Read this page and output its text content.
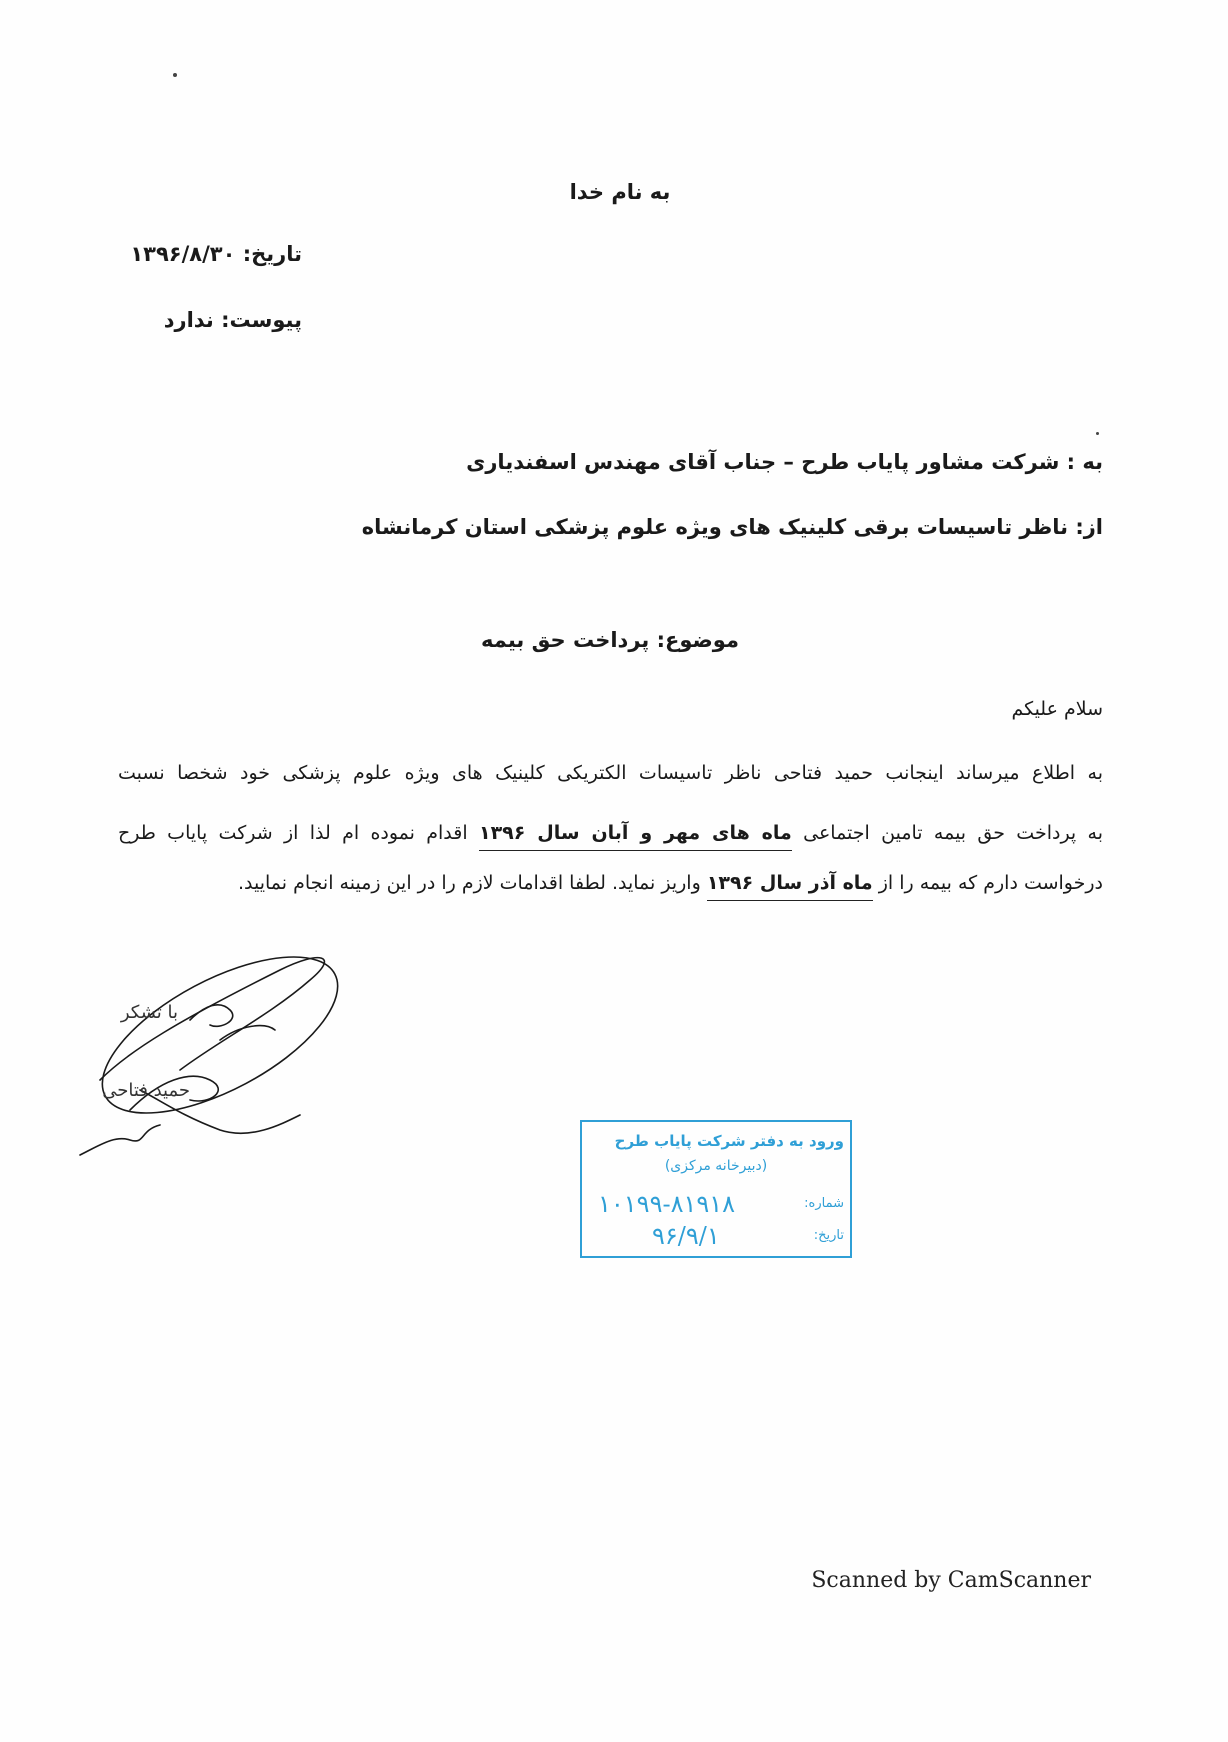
به نام خدا
تاریخ: ۱۳۹۶/۸/۳۰
پیوست: ندارد
به : شرکت مشاور پایاب طرح – جناب آقای مهندس اسفندیاری
از: ناظر تاسیسات برقی کلینیک های ویژه علوم پزشکی استان کرمانشاه
موضوع: پرداخت حق بیمه
سلام علیکم
به اطلاع میرساند اینجانب حمید فتاحی ناظر تاسیسات الکتریکی کلینیک های ویژه علوم پزشکی خود شخصا نسبت
به پرداخت حق بیمه تامین اجتماعی ماه های مهر و آبان سال ۱۳۹۶ اقدام نموده ام لذا از شرکت پایاب طرح
درخواست دارم که بیمه را از ماه آذر سال ۱۳۹۶ واریز نماید. لطفا اقدامات لازم را در این زمینه انجام نمایید.
با تشکر
حمید فتاحی
ورود به دفتر شرکت پایاب طرح
(دبیرخانه مرکزی)
شماره:
۱۰۱۹۹-۸۱۹۱۸
تاریخ:
۹۶/۹/۱
Scanned by CamScanner
